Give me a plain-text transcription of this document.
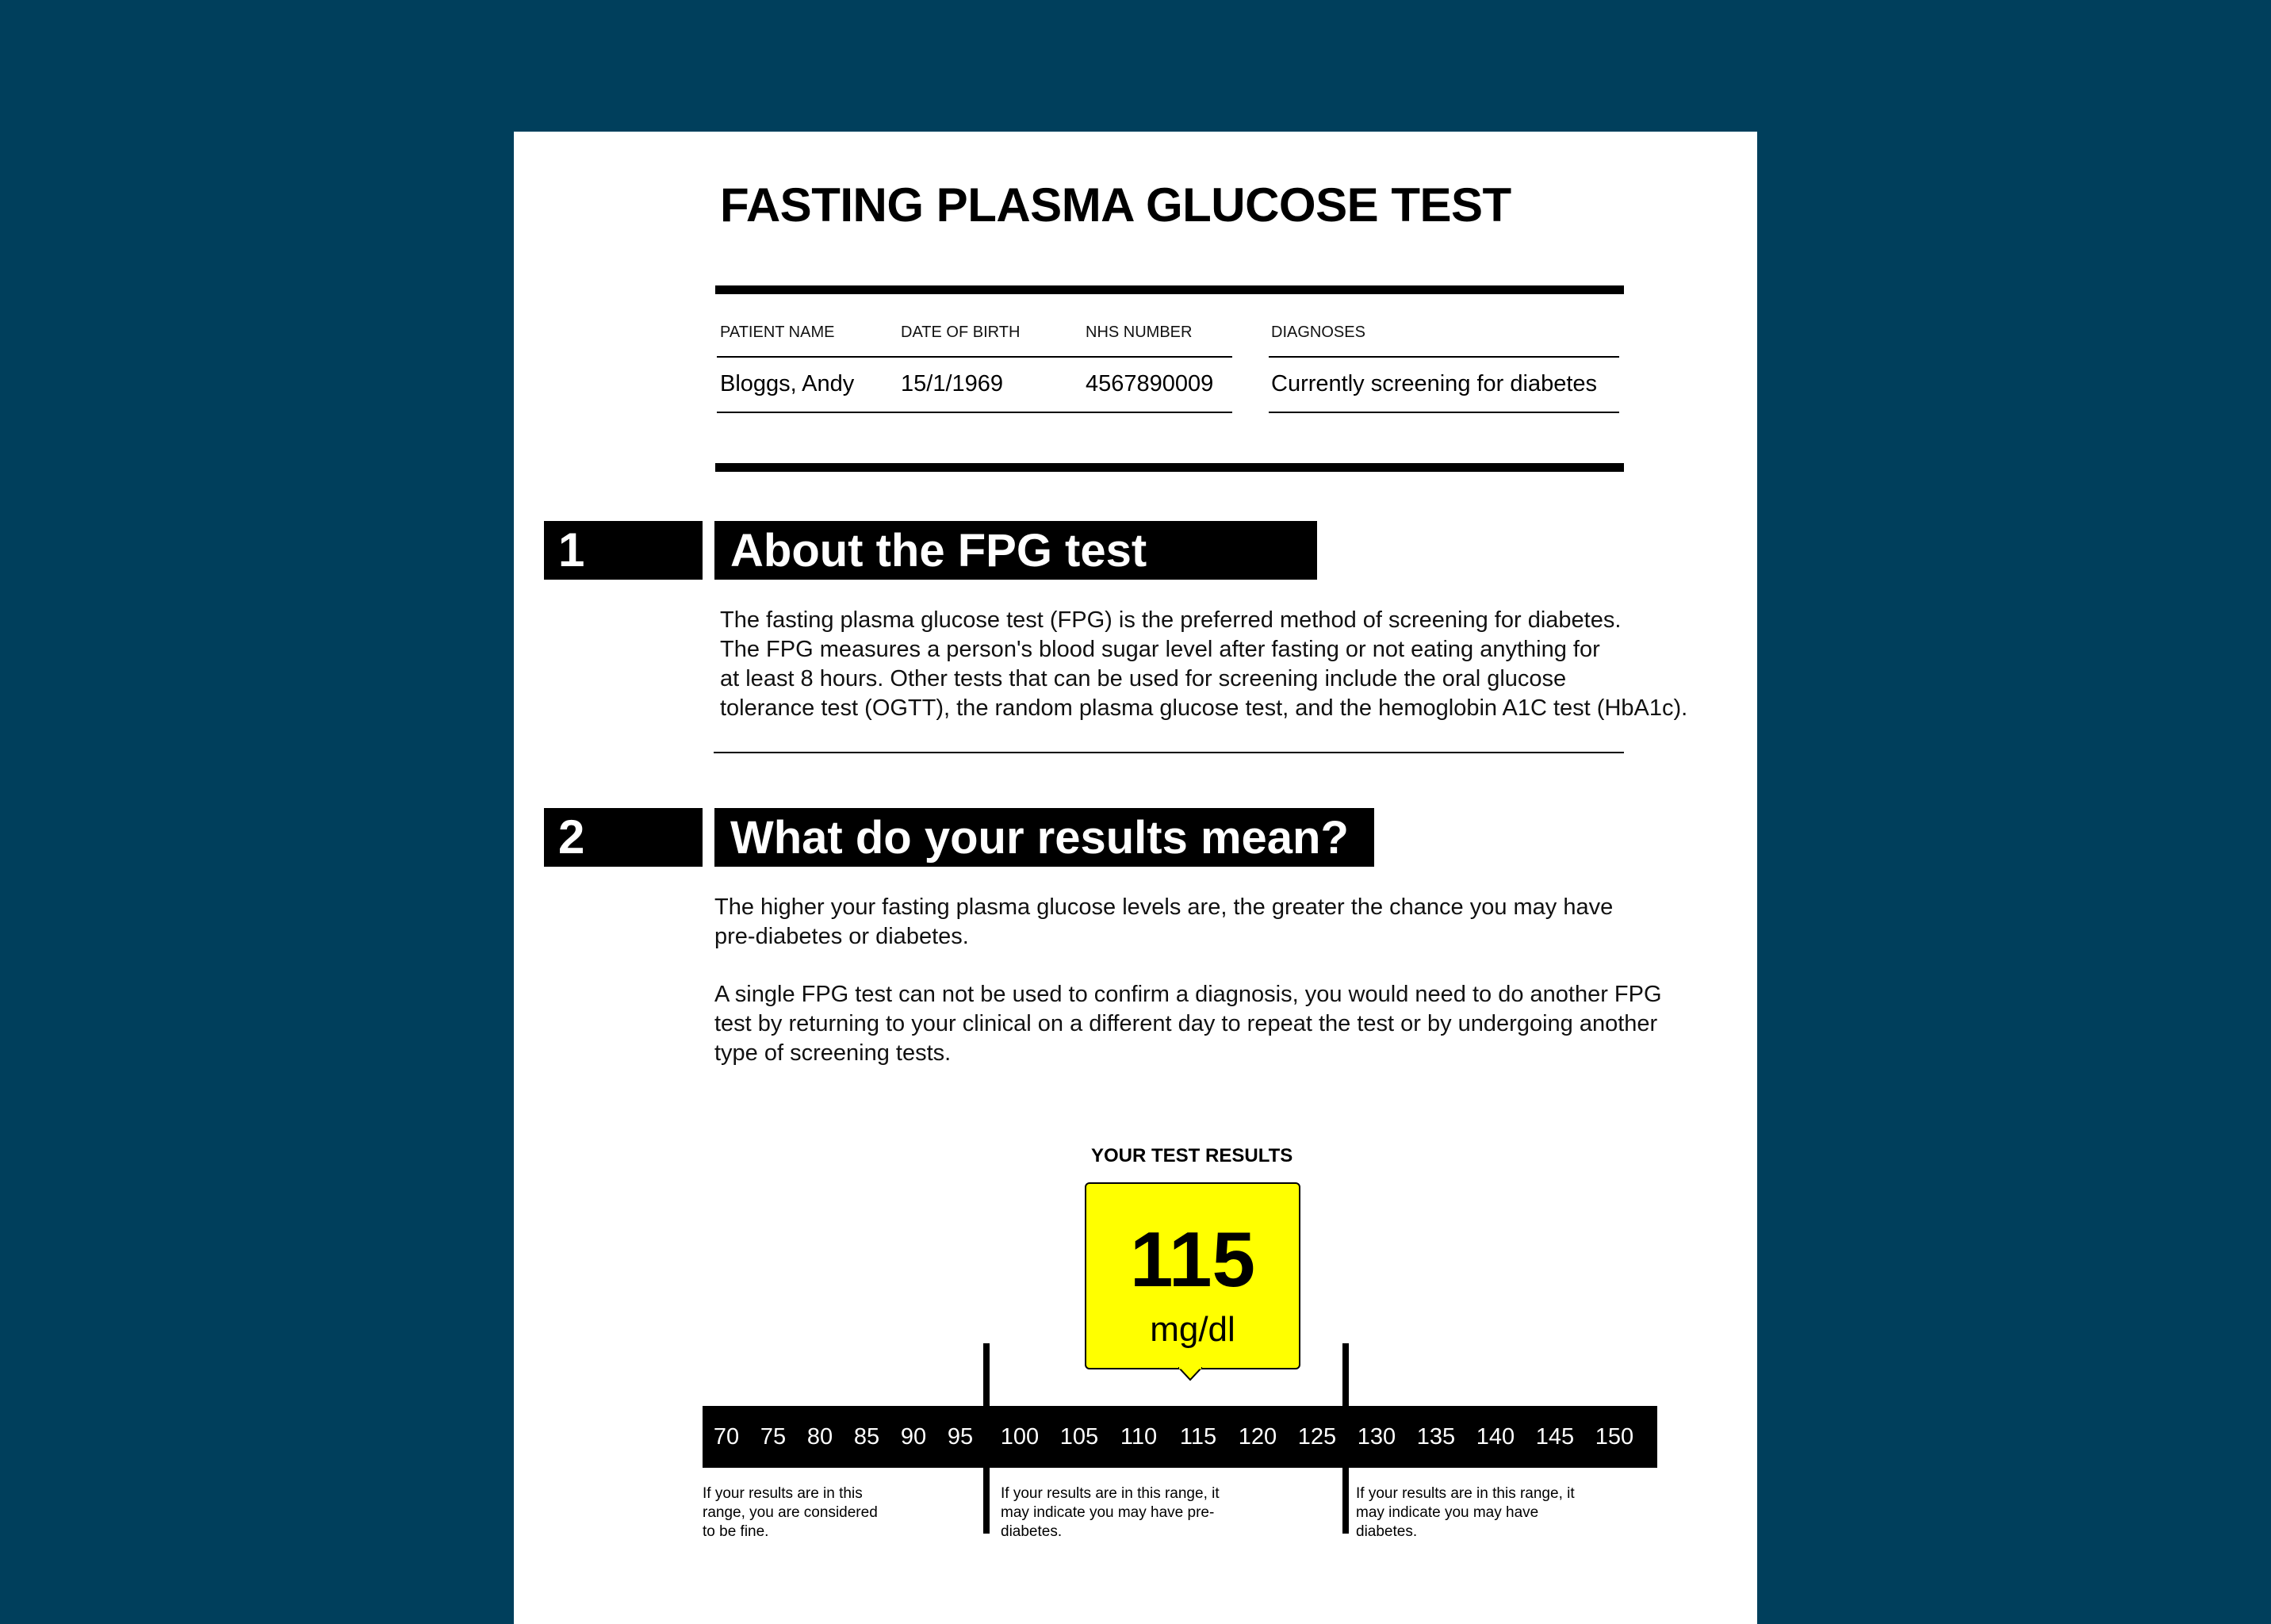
FASTING PLASMA GLUCOSE TEST
PATIENT NAME	DATE OF BIRTH	NHS NUMBER	DIAGNOSES
Bloggs, Andy 15/1/1969	4567890009	Currently screening for diabetes
1	About the FPG test
The fasting plasma glucose test (FPG) is the preferred method of screening for diabetes.
The FPG measures a person's blood sugar level after fasting or not eating anything for
at least 8 hours. Other tests that can be used for screening include the oral glucose
tolerance test (OGTT), the random plasma glucose test, and the hemoglobin A1C test (HbA1c).
2	What do your results mean?
The higher your fasting plasma glucose levels are, the greater the chance you may have
pre-diabetes or diabetes.
A single FPG test can not be used to confirm a diagnosis, you would need to do another FPG
test by returning to your clinical on a different day to repeat the test or by undergoing another
type of screening tests.
YOUR TEST RESULTS
115
mg/dl
70 75 80 85 90 95	100 105 110 115 120 125 130 135 140 145 150
If your results are in this
range, you are considered
to be fine.
If your results are in this range, it
may indicate you may have pre-
diabetes.
If your results are in this range, it
may indicate you may have
diabetes.
